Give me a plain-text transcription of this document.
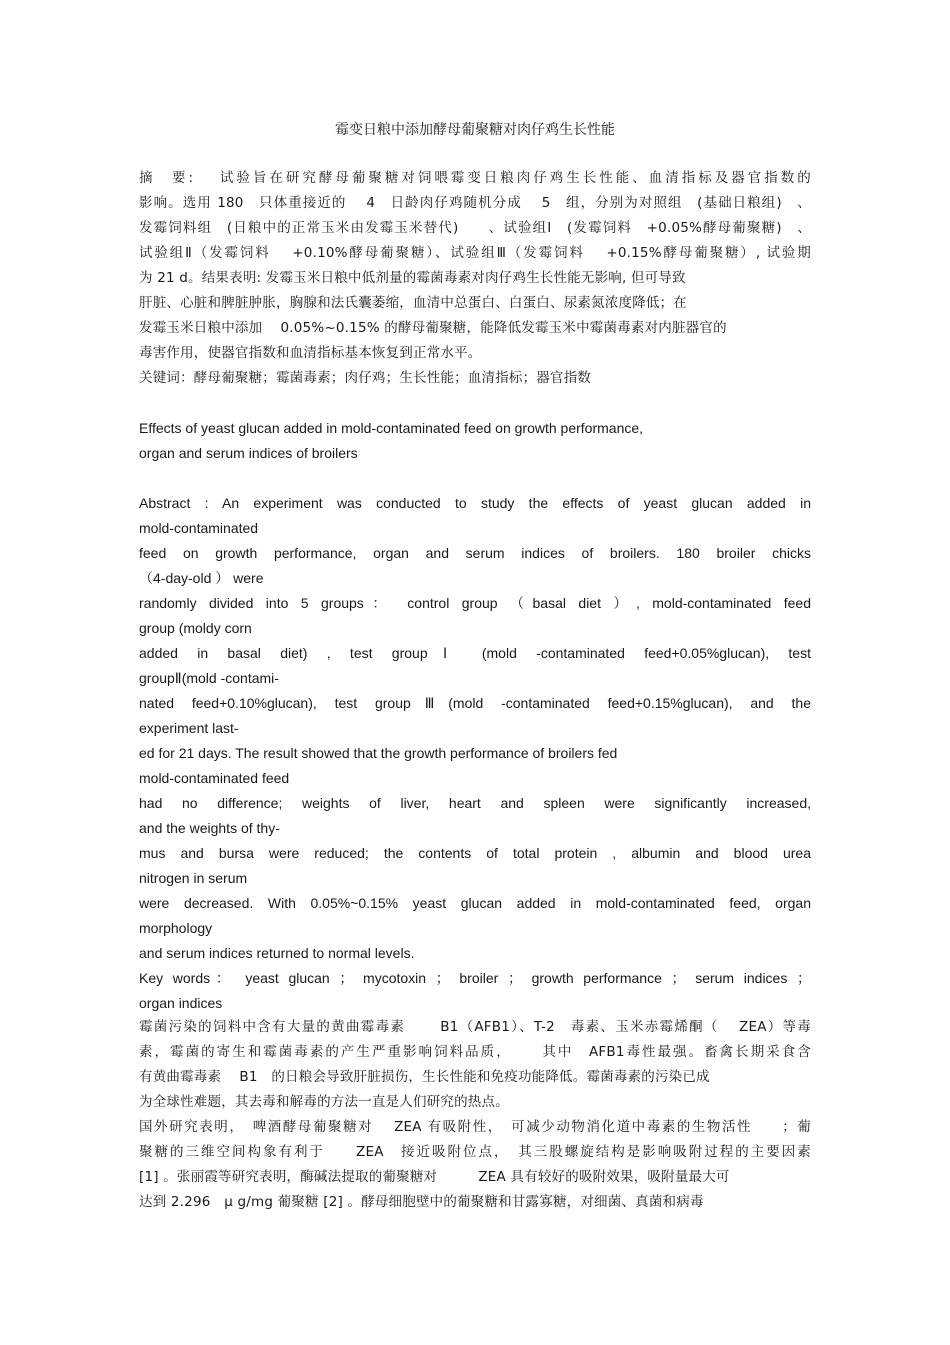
霉变日粮中添加酵母葡聚糖对肉仔鸡生长性能
摘　要:　 试验旨在研究酵母葡聚糖对饲喂霉变日粮肉仔鸡生长性能、血清指标及器官指数的
影响。选用 180　只体重接近的　 4　日龄肉仔鸡随机分成　 5　组，分别为对照组　(基础日粮组)　、
发霉饲料组　(日粮中的正常玉米由发霉玉米替代)　　、试验组Ⅰ　(发霉饲料　+0.05%酵母葡聚糖)　、
试验组Ⅱ（发霉饲料　 +0.10%酵母葡聚糖）、试验组Ⅲ（发霉饲料　 +0.15%酵母葡聚糖）, 试验期
为 21 d。结果表明: 发霉玉米日粮中低剂量的霉菌毒素对肉仔鸡生长性能无影响, 但可导致
肝脏、心脏和脾脏肿胀，胸腺和法氏囊萎缩，血清中总蛋白、白蛋白、尿素氮浓度降低；在
发霉玉米日粮中添加　 0.05%~0.15% 的酵母葡聚糖，能降低发霉玉米中霉菌毒素对内脏器官的
毒害作用，使器官指数和血清指标基本恢复到正常水平。
关键词：酵母葡聚糖；霉菌毒素；肉仔鸡；生长性能；血清指标；器官指数
Effects of yeast glucan added in mold-contaminated feed on growth performance,
organ and serum indices of broilers
Abstract : An experiment was conducted to study the effects of yeast glucan added in
mold-contaminated
feed on growth performance, organ and serum indices of broilers. 180 broiler chicks
（4-day-old ） were
randomly divided into 5 groups： control group （basal diet ）, mold-contaminated feed
group (moldy corn
added in basal diet) , test groupⅠ (mold -contaminated feed+0.05%glucan), test
groupⅡ(mold -contami-
nated feed+0.10%glucan), test groupⅢ(mold -contaminated feed+0.15%glucan), and the
experiment last-
ed for 21 days. The result showed that the growth performance of broilers fed
mold-contaminated feed
had no difference; weights of liver, heart and spleen were significantly increased,
and the weights of thy-
mus and bursa were reduced; the contents of total protein , albumin and blood urea
nitrogen in serum
were decreased. With 0.05%~0.15% yeast glucan added in mold-contaminated feed, organ
morphology
and serum indices returned to normal levels.
Key words： yeast glucan ； mycotoxin ； broiler ； growth performance ； serum indices ；
organ indices
霉菌污染的饲料中含有大量的黄曲霉毒素　　 B1（AFB1）、T-2　毒素、玉米赤霉烯酮（　 ZEA）等毒
素，霉菌的寄生和霉菌毒素的产生严重影响饲料品质，　　 其中　AFB1毒性最强。畜禽长期采食含
有黄曲霉毒素　 B1　的日粮会导致肝脏损伤，生长性能和免疫功能降低。霉菌毒素的污染已成
为全球性难题，其去毒和解毒的方法一直是人们研究的热点。
国外研究表明，　啤酒酵母葡聚糖对　 ZEA 有吸附性，　可减少动物消化道中毒素的生物活性　　；葡
聚糖的三维空间构象有利于　　ZEA　接近吸附位点，　其三股螺旋结构是影响吸附过程的主要因素
[1] 。张丽霞等研究表明，酶碱法提取的葡聚糖对　　　ZEA 具有较好的吸附效果，吸附量最大可
达到 2.296　μ g/mg 葡聚糖 [2] 。酵母细胞壁中的葡聚糖和甘露寡糖，对细菌、真菌和病毒
